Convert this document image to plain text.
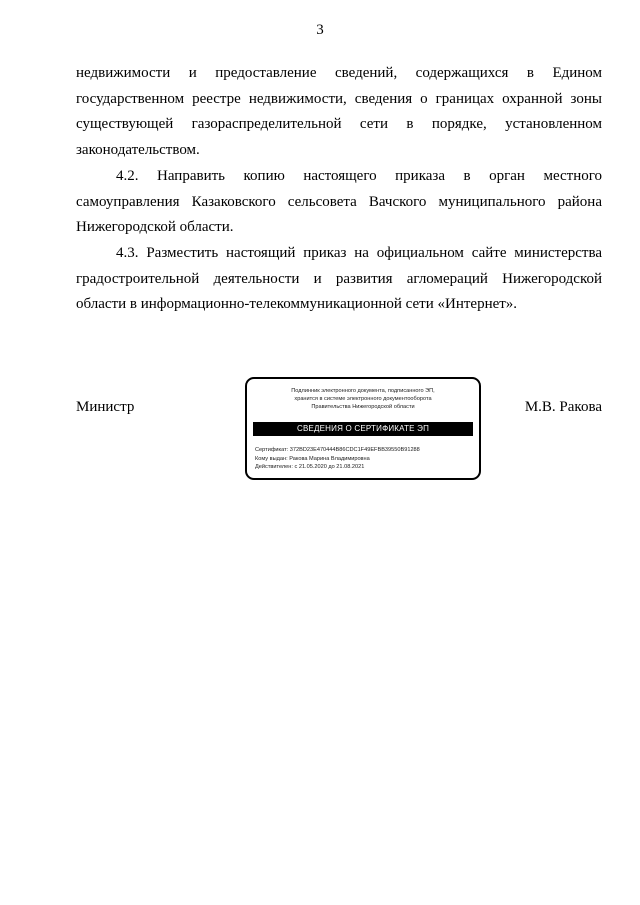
3

недвижимости и предоставление сведений, содержащихся в Едином государственном реестре недвижимости, сведения о границах охранной зоны существующей газораспределительной сети в порядке, установленном законодательством.

4.2. Направить копию настоящего приказа в орган местного самоуправления Казаковского сельсовета Вачского муниципального района Нижегородской области.

4.3. Разместить настоящий приказ на официальном сайте министерства градостроительной деятельности и развития агломераций Нижегородской области в информационно-телекоммуникационной сети «Интернет».

Министр
Подлинник электронного документа, подписанного ЭП,
хранится в системе электронного документооборота
Правительства Нижегородской области
СВЕДЕНИЯ О СЕРТИФИКАТЕ ЭП
Сертификат: 372BD23E470444B86CDC1F49EFBB39550B91288
Кому выдан: Ракова Марина Владимировна
Действителен: с 21.05.2020 до 21.08.2021
М.В. Ракова
